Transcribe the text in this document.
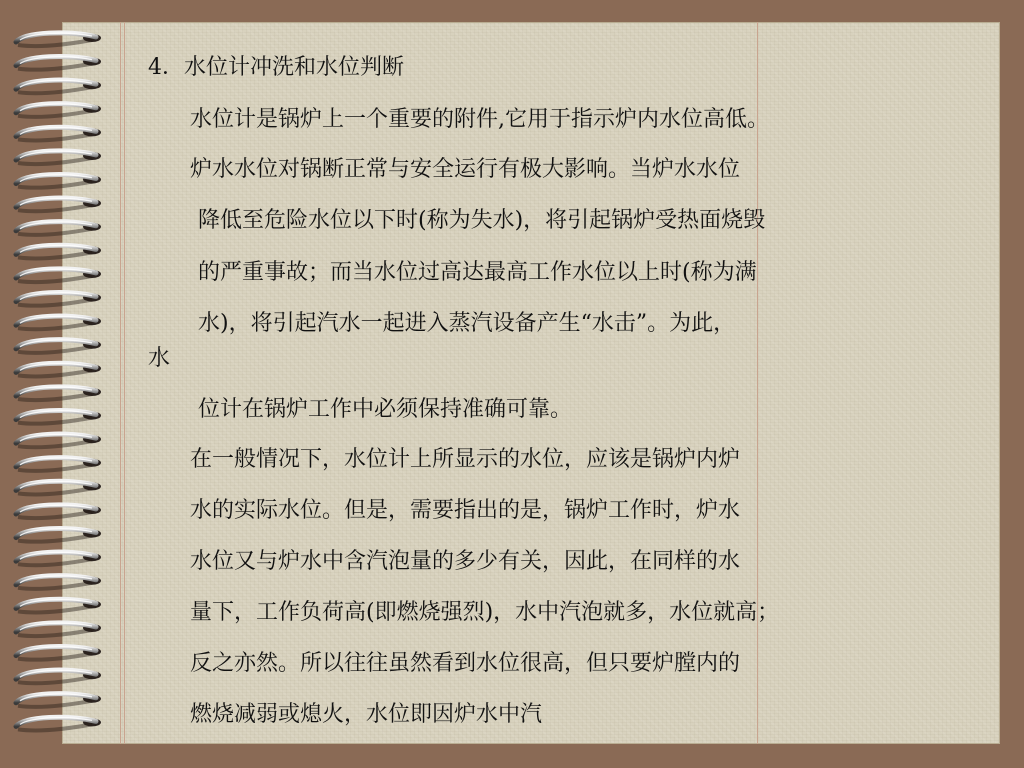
4．水位计冲洗和水位判断
水位计是锅炉上一个重要的附件,它用于指示炉内水位高低。
炉水水位对锅断正常与安全运行有极大影响。当炉水水位
降低至危险水位以下时(称为失水)，将引起锅炉受热面烧毁
的严重事故；而当水位过高达最高工作水位以上时(称为满
水)，将引起汽水一起进入蒸汽设备产生“水击”。为此，
水
位计在锅炉工作中必须保持准确可靠。
在一般情况下，水位计上所显示的水位，应该是锅炉内炉
水的实际水位。但是，需要指出的是，锅炉工作时，炉水
水位又与炉水中含汽泡量的多少有关，因此，在同样的水
量下，工作负荷高(即燃烧强烈)，水中汽泡就多，水位就高；
反之亦然。所以往往虽然看到水位很高，但只要炉膛内的
燃烧减弱或熄火，水位即因炉水中汽
